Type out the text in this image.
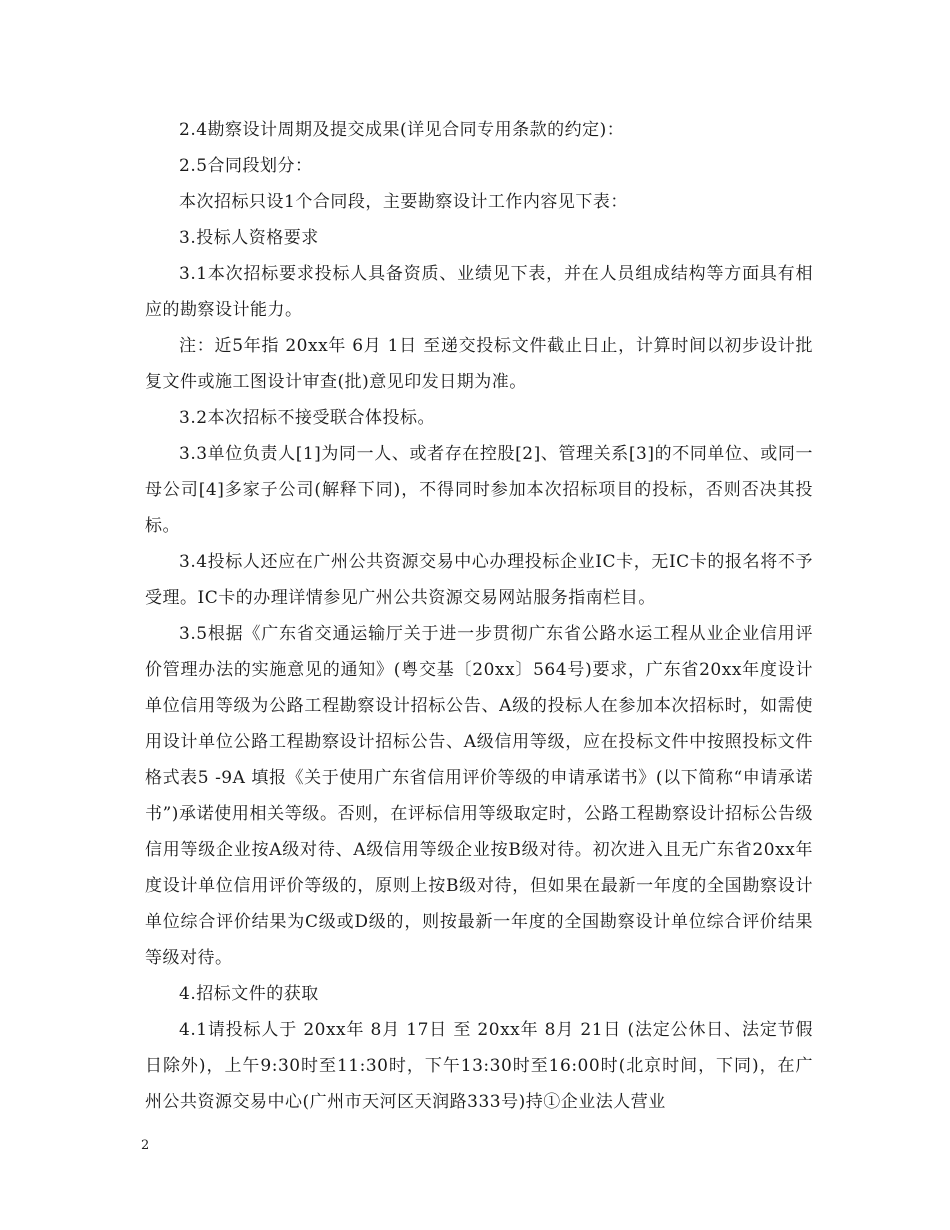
2.4勘察设计周期及提交成果(详见合同专用条款的约定)：

2.5合同段划分：

本次招标只设1个合同段，主要勘察设计工作内容见下表：

3.投标人资格要求

3.1本次招标要求投标人具备资质、业绩见下表，并在人员组成结构等方面具有相应的勘察设计能力。

注：近5年指 20xx年 6月 1日 至递交投标文件截止日止，计算时间以初步设计批复文件或施工图设计审查(批)意见印发日期为准。

3.2本次招标不接受联合体投标。

3.3单位负责人[1]为同一人、或者存在控股[2]、管理关系[3]的不同单位、或同一母公司[4]多家子公司(解释下同)，不得同时参加本次招标项目的投标，否则否决其投标。

3.4投标人还应在广州公共资源交易中心办理投标企业IC卡，无IC卡的报名将不予受理。IC卡的办理详情参见广州公共资源交易网站服务指南栏目。

3.5根据《广东省交通运输厅关于进一步贯彻广东省公路水运工程从业企业信用评价管理办法的实施意见的通知》(粤交基〔20xx〕564号)要求，广东省20xx年度设计单位信用等级为公路工程勘察设计招标公告、A级的投标人在参加本次招标时，如需使用设计单位公路工程勘察设计招标公告、A级信用等级，应在投标文件中按照投标文件格式表5 -9A 填报《关于使用广东省信用评价等级的申请承诺书》(以下简称“申请承诺书”)承诺使用相关等级。否则，在评标信用等级取定时，公路工程勘察设计招标公告级信用等级企业按A级对待、A级信用等级企业按B级对待。初次进入且无广东省20xx年度设计单位信用评价等级的，原则上按B级对待，但如果在最新一年度的全国勘察设计单位综合评价结果为C级或D级的，则按最新一年度的全国勘察设计单位综合评价结果等级对待。

4.招标文件的获取

4.1请投标人于 20xx年 8月 17日 至 20xx年 8月 21日 (法定公休日、法定节假日除外)，上午9:30时至11:30时，下午13:30时至16:00时(北京时间，下同)，在广州公共资源交易中心(广州市天河区天润路333号)持①企业法人营业

2
